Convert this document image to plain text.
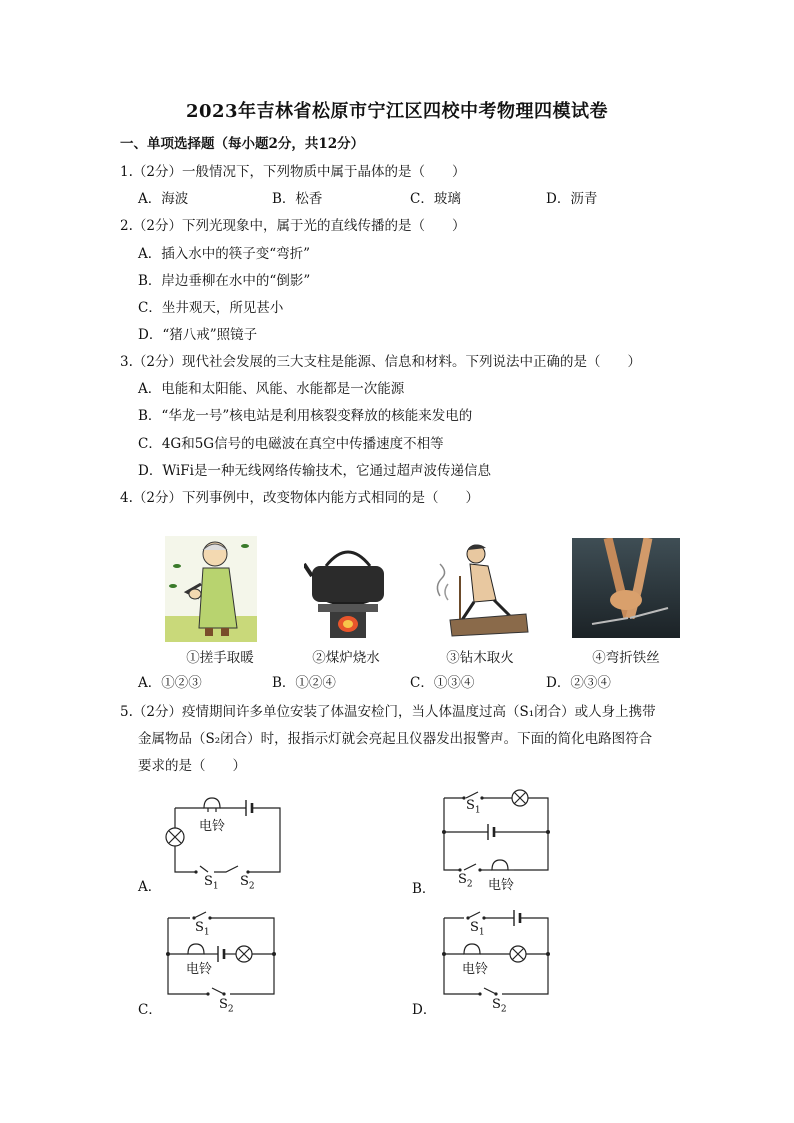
2023年吉林省松原市宁江区四校中考物理四模试卷
一、单项选择题（每小题2分，共12分）
1.（2分）一般情况下，下列物质中属于晶体的是（　　）
A．海波	B．松香	C．玻璃	D．沥青
2.（2分）下列光现象中，属于光的直线传播的是（　　）
A．插入水中的筷子变“弯折”
B．岸边垂柳在水中的“倒影”
C．坐井观天，所见甚小
D．“猪八戒”照镜子
3.（2分）现代社会发展的三大支柱是能源、信息和材料。下列说法中正确的是（　　）
A．电能和太阳能、风能、水能都是一次能源
B．“华龙一号”核电站是利用核裂变释放的核能来发电的
C．4G和5G信号的电磁波在真空中传播速度不相等
D．WiFi是一种无线网络传输技术，它通过超声波传递信息
4.（2分）下列事例中，改变物体内能方式相同的是（　　）
①搓手取暖	②煤炉烧水	③钻木取火	④弯折铁丝
A．①②③	B．①②④	C．①③④	D．②③④
5.（2分）疫情期间许多单位安装了体温安检门，当人体温度过高（S₁闭合）或人身上携带
金属物品（S₂闭合）时，报指示灯就会亮起且仪器发出报警声。下面的简化电路图符合
要求的是（　　）
A．
电铃
$S_1$ $S_2$	B．
$S_1$
$S_2$ 电铃
C．
$S_1$
电铃
$S_2$	D．
$S_1$
电铃
$S_2$
